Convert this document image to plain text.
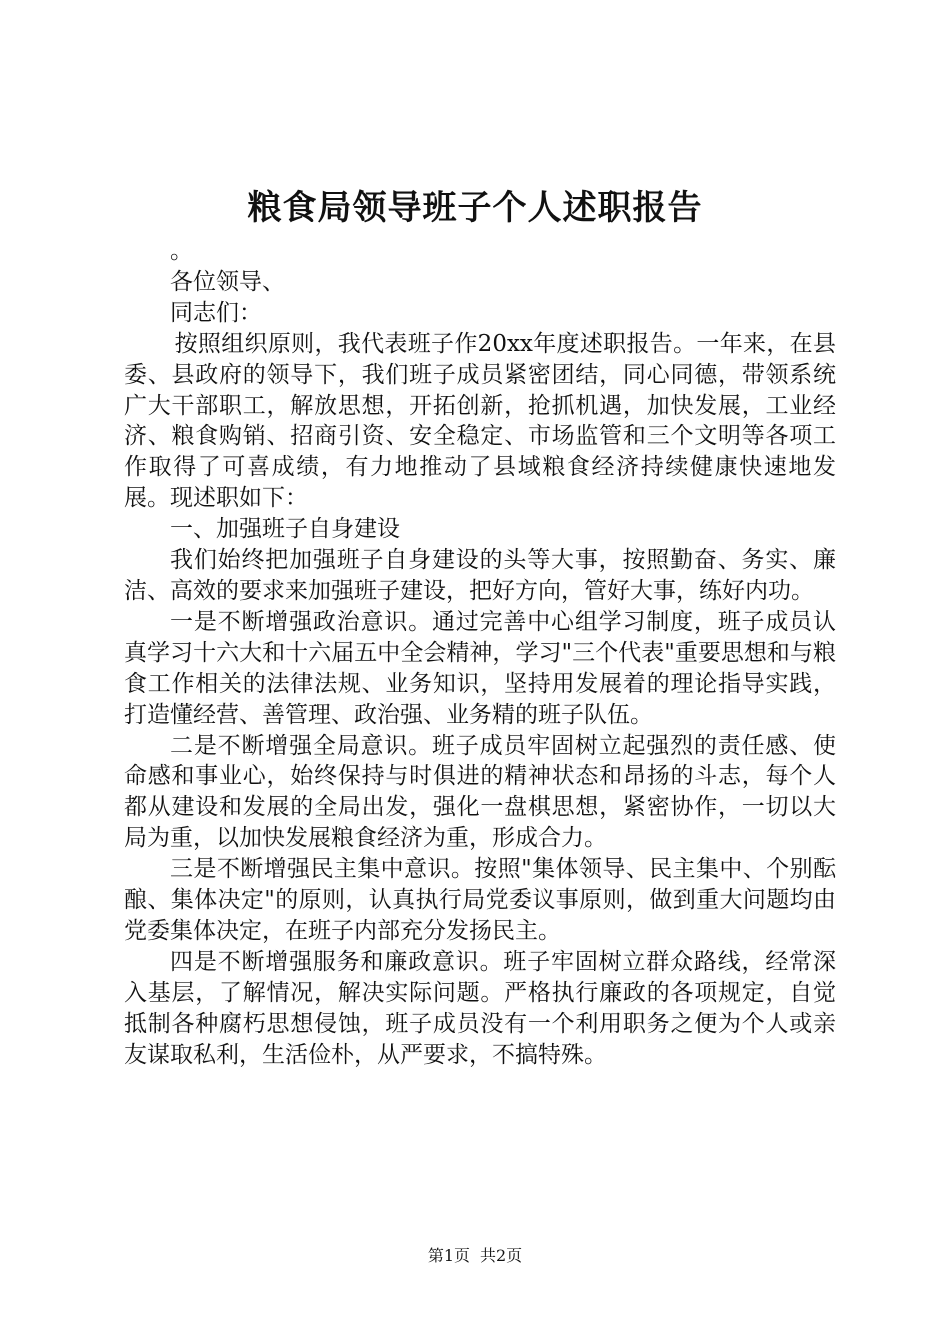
粮食局领导班子个人述职报告

。

各位领导、

同志们：

按照组织原则，我代表班子作20xx年度述职报告。一年来，在县委、县政府的领导下，我们班子成员紧密团结，同心同德，带领系统广大干部职工，解放思想，开拓创新，抢抓机遇，加快发展，工业经济、粮食购销、招商引资、安全稳定、市场监管和三个文明等各项工作取得了可喜成绩，有力地推动了县域粮食经济持续健康快速地发展。现述职如下：

一、加强班子自身建设

我们始终把加强班子自身建设的头等大事，按照勤奋、务实、廉洁、高效的要求来加强班子建设，把好方向，管好大事，练好内功。

一是不断增强政治意识。通过完善中心组学习制度，班子成员认真学习十六大和十六届五中全会精神，学习"三个代表"重要思想和与粮食工作相关的法律法规、业务知识，坚持用发展着的理论指导实践，打造懂经营、善管理、政治强、业务精的班子队伍。

二是不断增强全局意识。班子成员牢固树立起强烈的责任感、使命感和事业心，始终保持与时俱进的精神状态和昂扬的斗志，每个人都从建设和发展的全局出发，强化一盘棋思想，紧密协作，一切以大局为重，以加快发展粮食经济为重，形成合力。

三是不断增强民主集中意识。按照"集体领导、民主集中、个别酝酿、集体决定"的原则，认真执行局党委议事原则，做到重大问题均由党委集体决定，在班子内部充分发扬民主。

四是不断增强服务和廉政意识。班子牢固树立群众路线，经常深入基层，了解情况，解决实际问题。严格执行廉政的各项规定，自觉抵制各种腐朽思想侵蚀，班子成员没有一个利用职务之便为个人或亲友谋取私利，生活俭朴，从严要求，不搞特殊。

第1页 共2页
